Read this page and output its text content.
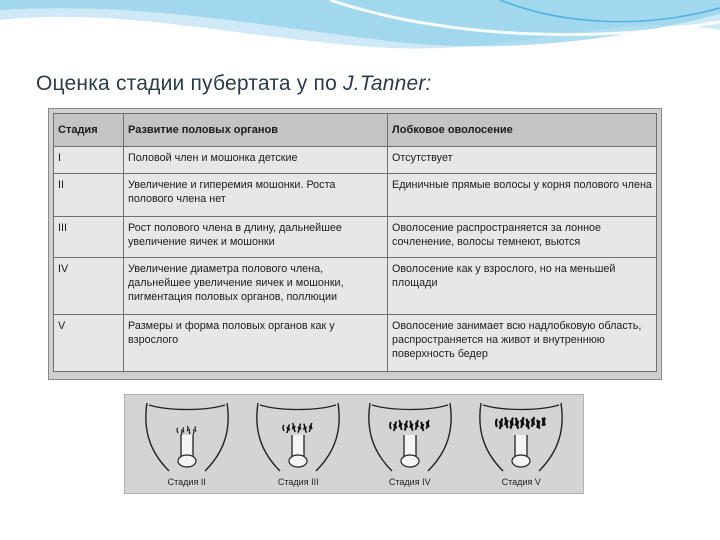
Оценка стадии пубертата у по J.Tanner:
Стадия	Развитие половых органов	Лобковое оволосение
I	Половой член и мошонка детские	Отсутствует
II	Увеличение и гиперемия мошонки. Роста полового члена нет	Единичные прямые волосы у корня полового члена
III	Рост полового члена в длину, дальнейшее увеличение яичек и мошонки	Оволосение распространяется за лонное сочленение, волосы темнеют, вьются
IV	Увеличение диаметра полового члена, дальнейшее увеличение яичек и мошонки, пигментация половых органов, поллюции	Оволосение как у взрослого, но на меньшей площади
V	Размеры и форма половых органов как у взрослого	Оволосение занимает всю надлобковую область, распространяется на живот и внутреннюю поверхность бедер
Стадия II	Стадия III	Стадия IV	Стадия V
